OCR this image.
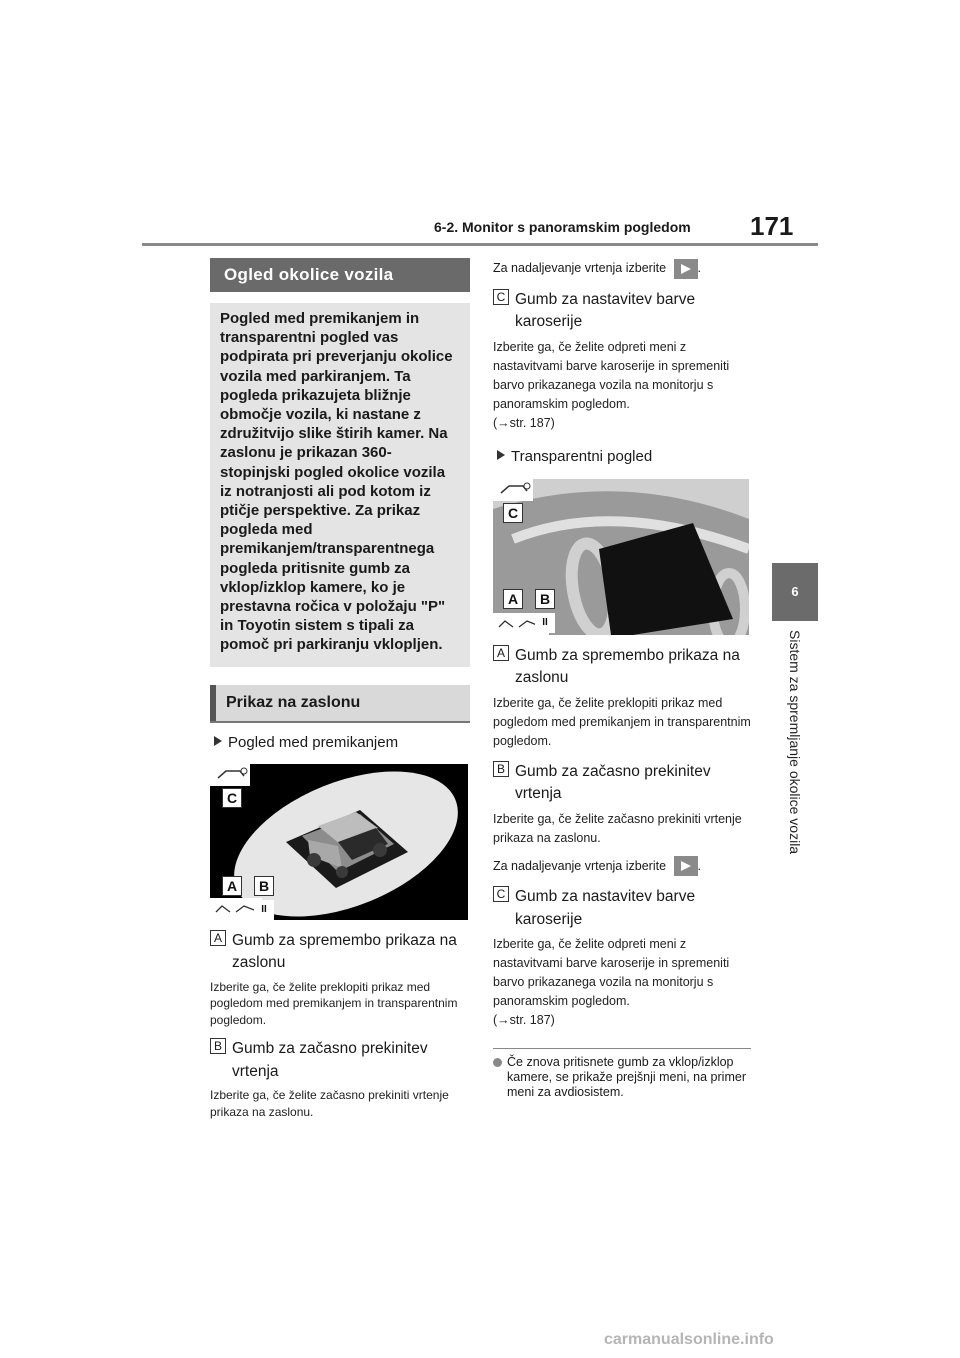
6-2. Monitor s panoramskim pogledom 171
6
Sistem za spremljanje okolice vozila
Ogled okolice vozila
Pogled med premikanjem in transparentni pogled vas podpirata pri preverjanju okolice vozila med parkiranjem. Ta pogleda prikazujeta bližnje območje vozila, ki nastane z združitvijo slike štirih kamer. Na zaslonu je prikazan 360-stopinjski pogled okolice vozila iz notranjosti ali pod kotom iz ptičje perspektive. Za prikaz pogleda med premikanjem/transparentnega pogleda pritisnite gumb za vklop/izklop kamere, ko je prestavna ročica v položaju "P" in Toyotin sistem s tipali za pomoč pri parkiranju vklopljen.
Prikaz na zaslonu
Pogled med premikanjem
C
A	B
II
A Gumb za spremembo prikaza na zaslonu
Izberite ga, če želite preklopiti prikaz med pogledom med premikanjem in transparentnim pogledom.
B Gumb za začasno prekinitev vrtenja
Izberite ga, če želite začasno prekiniti vrtenje prikaza na zaslonu.
Za nadaljevanje vrtenja izberite	.
C Gumb za nastavitev barve karoserije
Izberite ga, če želite odpreti meni z nastavitvami barve karoserije in spremeniti barvo prikazanega vozila na monitorju s panoramskim pogledom.
(→str. 187)
Transparentni pogled
C
A	B
II
A Gumb za spremembo prikaza na zaslonu
Izberite ga, če želite preklopiti prikaz med pogledom med premikanjem in transparentnim pogledom.
B Gumb za začasno prekinitev vrtenja
Izberite ga, če želite začasno prekiniti vrtenje prikaza na zaslonu.
Za nadaljevanje vrtenja izberite	.
C Gumb za nastavitev barve karoserije
Izberite ga, če želite odpreti meni z nastavitvami barve karoserije in spremeniti barvo prikazanega vozila na monitorju s panoramskim pogledom.
(→str. 187)
Če znova pritisnete gumb za vklop/izklop kamere, se prikaže prejšnji meni, na primer meni za avdiosistem.
carmanualsonline.info
